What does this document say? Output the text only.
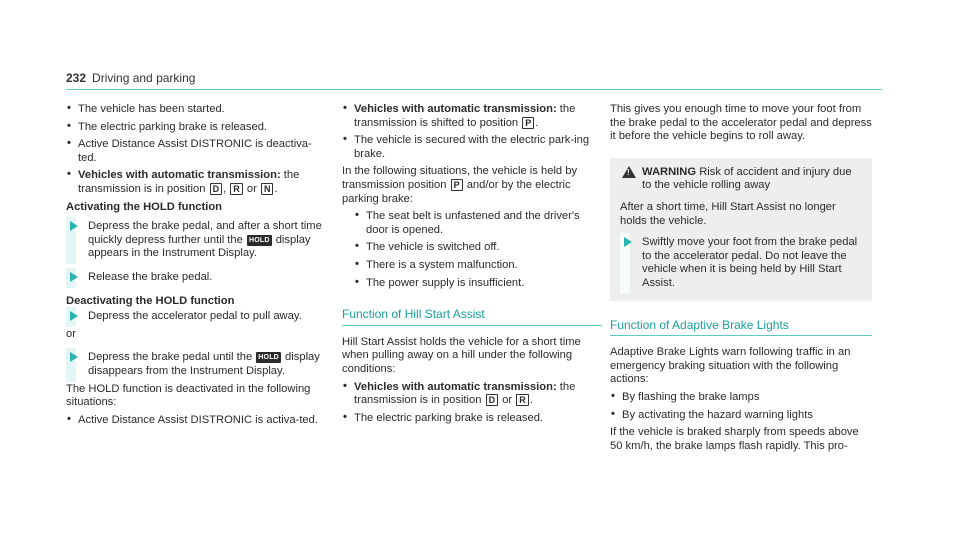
232 Driving and parking
• The vehicle has been started.
• The electric parking brake is released.
• Active Distance Assist DISTRONIC is deactiva-ted.
• Vehicles with automatic transmission: the transmission is in position D , R or N .
Activating the HOLD function
Depress the brake pedal, and after a short time quickly depress further until the HOLD display appears in the Instrument Display.
Release the brake pedal.
Deactivating the HOLD function
Depress the accelerator pedal to pull away.

or

Depress the brake pedal until the HOLD display disappears from the Instrument Display.

The HOLD function is deactivated in the following situations:

• Active Distance Assist DISTRONIC is activa-ted.
• Vehicles with automatic transmission: the transmission is shifted to position P .
• The vehicle is secured with the electric park-ing brake.

In the following situations, the vehicle is held by transmission position P and/or by the electric parking brake:

• The seat belt is unfastened and the driver's door is opened.
• The vehicle is switched off.
• There is a system malfunction.
• The power supply is insufficient.
Function of Hill Start Assist

Hill Start Assist holds the vehicle for a short time when pulling away on a hill under the following conditions:

• Vehicles with automatic transmission: the transmission is in position D or R .
• The electric parking brake is released.

This gives you enough time to move your foot from the brake pedal to the accelerator pedal and depress it before the vehicle begins to roll away.

! WARNING Risk of accident and injury due to the vehicle rolling away

After a short time, Hill Start Assist no longer holds the vehicle.

Swiftly move your foot from the brake pedal to the accelerator pedal. Do not leave the vehicle when it is being held by Hill Start Assist.
Function of Adaptive Brake Lights

Adaptive Brake Lights warn following traffic in an emergency braking situation with the following actions:

• By flashing the brake lamps
• By activating the hazard warning lights

If the vehicle is braked sharply from speeds above 50 km/h, the brake lamps flash rapidly. This pro-
